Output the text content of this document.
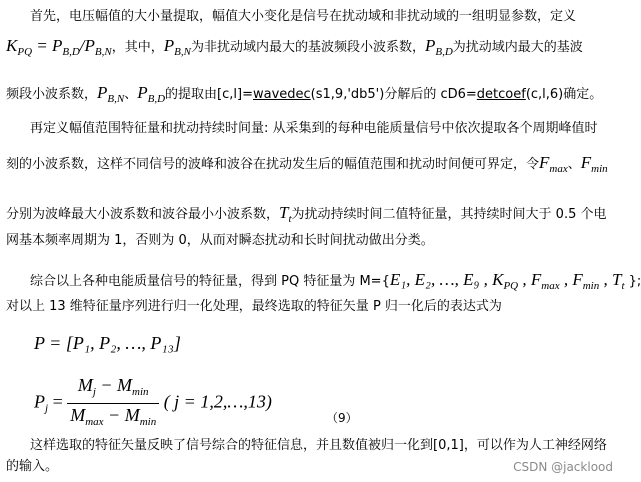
首先，电压幅值的大小量提取，幅值大小变化是信号在扰动域和非扰动域的一组明显参数，定义
$K_{PQ} = P_{B,D}/P_{B,N}$，其中，$P_{B,N}$为非扰动域内最大的基波频段小波系数，$P_{B,D}$为扰动域内最大的基波
频段小波系数，$P_{B,N}$、$P_{B,D}$的提取由[c,l]=wavedec(s1,9,'db5')分解后的 cD6=detcoef(c,l,6)确定。
再定义幅值范围特征量和扰动持续时间量: 从采集到的每种电能质量信号中依次提取各个周期峰值时
刻的小波系数，这样不同信号的波峰和波谷在扰动发生后的幅值范围和扰动时间便可界定，令$F_{max}$、$F_{min}$
分别为波峰最大小波系数和波谷最小小波系数，$T_t$为扰动持续时间二值特征量，其持续时间大于 0.5 个电
网基本频率周期为 1，否则为 0，从而对瞬态扰动和长时间扰动做出分类。
综合以上各种电能质量信号的特征量，得到 PQ 特征量为 M={E₁, E₂, …, E₉ , $K_{PQ}$ , $F_{max}$ , $F_{min}$ , $T_t$ };
对以上 13 维特征量序列进行归一化处理，最终选取的特征矢量 P 归一化后的表达式为
P = [P₁, P₂, …, P₁₃]
$P_j = \frac{M_j - M_{min}}{M_{max} - M_{min}}$ ( j = 1,2,…,13)
（9）
这样选取的特征矢量反映了信号综合的特征信息，并且数值被归一化到[0,1]，可以作为人工神经网络
的输入。	CSDN @jacklood
